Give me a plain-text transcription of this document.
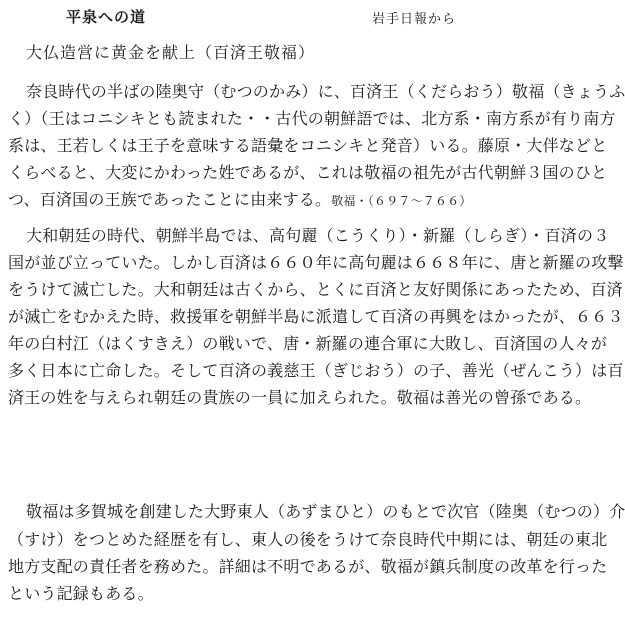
平泉への道	岩手日報から
大仏造営に黄金を献上（百済王敬福）
奈良時代の半ばの陸奥守（むつのかみ）に、百済王（くだらおう）敬福（きょうふ
く）（王はコニシキとも読まれた・・古代の朝鮮語では、北方系・南方系が有り南方
系は、王若しくは王子を意味する語彙をコニシキと発音）いる。藤原・大伴などと
くらべると、大変にかわった姓であるが、これは敬福の祖先が古代朝鮮３国のひと
つ、百済国の王族であったことに由来する。敬福・（６９７〜７６６）
大和朝廷の時代、朝鮮半島では、高句麗（こうくり）・新羅（しらぎ）・百済の３
国が並び立っていた。しかし百済は６６０年に高句麗は６６８年に、唐と新羅の攻撃
をうけて滅亡した。大和朝廷は古くから、とくに百済と友好関係にあったため、百済
が滅亡をむかえた時、救援軍を朝鮮半島に派遣して百済の再興をはかったが、６６３
年の白村江（はくすきえ）の戦いで、唐・新羅の連合軍に大敗し、百済国の人々が
多く日本に亡命した。そして百済の義慈王（ぎじおう）の子、善光（ぜんこう）は百
済王の姓を与えられ朝廷の貴族の一員に加えられた。敬福は善光の曾孫である。
敬福は多賀城を創建した大野東人（あずまひと）のもとで次官（陸奥（むつの）介
（すけ）をつとめた経歴を有し、東人の後をうけて奈良時代中期には、朝廷の東北
地方支配の責任者を務めた。詳細は不明であるが、敬福が鎮兵制度の改革を行った
という記録もある。
